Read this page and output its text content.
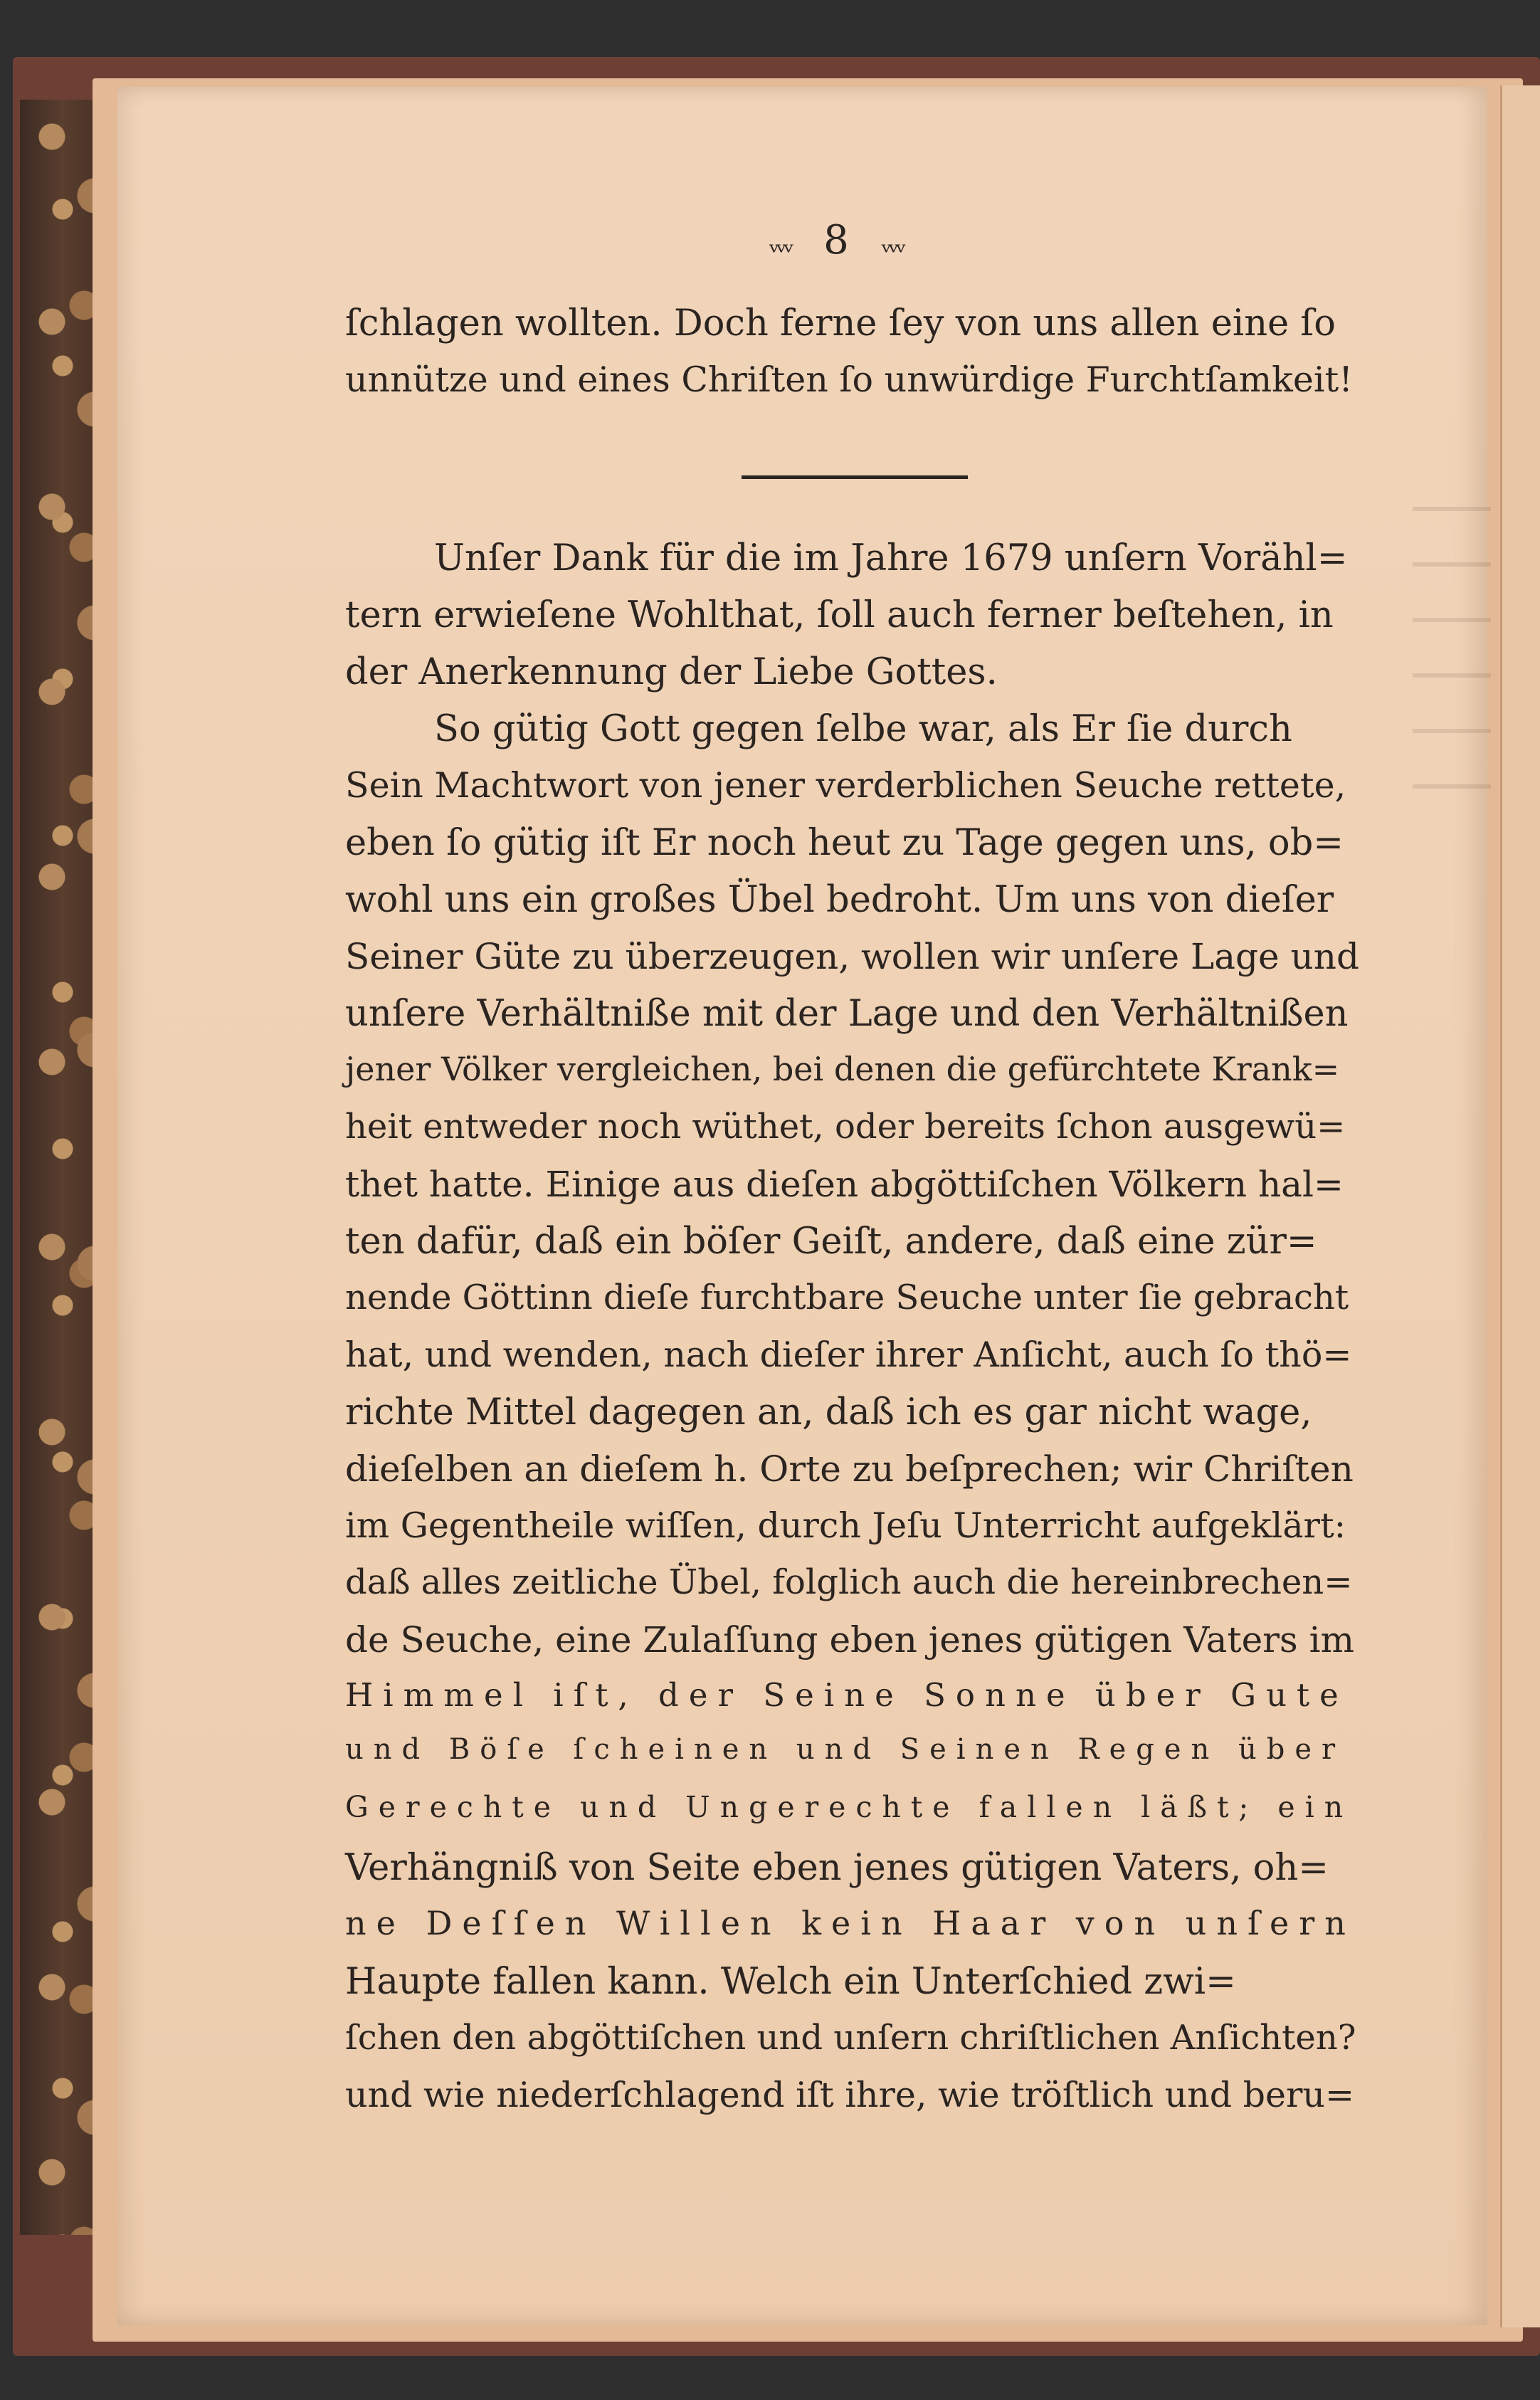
ᵥᵥᵥ 8 ᵥᵥᵥ
ſchlagen wollten. Doch ferne ſey von uns allen eine ſo
unnütze und eines Chriſten ſo unwürdige Furchtſamkeit!
Unſer Dank für die im Jahre 1679 unſern Vorähl=
tern erwieſene Wohlthat, ſoll auch ferner beſtehen, in
der Anerkennung der Liebe Gottes.
So gütig Gott gegen ſelbe war, als Er ſie durch
Sein Machtwort von jener verderblichen Seuche rettete,
eben ſo gütig iſt Er noch heut zu Tage gegen uns, ob=
wohl uns ein großes Übel bedroht. Um uns von dieſer
Seiner Güte zu überzeugen, wollen wir unſere Lage und
unſere Verhältniße mit der Lage und den Verhältnißen
jener Völker vergleichen, bei denen die gefürchtete Krank=
heit entweder noch wüthet, oder bereits ſchon ausgewü=
thet hatte. Einige aus dieſen abgöttiſchen Völkern hal=
ten dafür, daß ein böſer Geiſt, andere, daß eine zür=
nende Göttinn dieſe furchtbare Seuche unter ſie gebracht
hat, und wenden, nach dieſer ihrer Anſicht, auch ſo thö=
richte Mittel dagegen an, daß ich es gar nicht wage,
dieſelben an dieſem h. Orte zu beſprechen; wir Chriſten
im Gegentheile wiſſen, durch Jeſu Unterricht aufgeklärt:
daß alles zeitliche Übel, folglich auch die hereinbrechen=
de Seuche, eine Zulaſſung eben jenes gütigen Vaters im
Himmel iſt, der Seine Sonne über Gute
und Böſe ſcheinen und Seinen Regen über
Gerechte und Ungerechte fallen läßt; ein
Verhängniß von Seite eben jenes gütigen Vaters, oh=
ne Deſſen Willen kein Haar von unſern
Haupte fallen kann. Welch ein Unterſchied zwi=
ſchen den abgöttiſchen und unſern chriſtlichen Anſichten?
und wie niederſchlagend iſt ihre, wie tröſtlich und beru=
